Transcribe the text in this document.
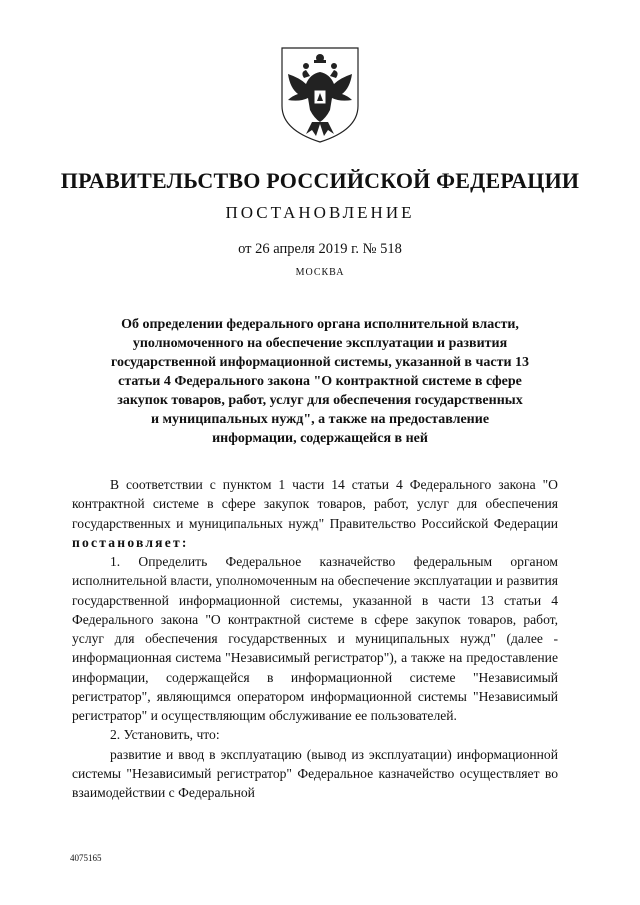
ПРАВИТЕЛЬСТВО РОССИЙСКОЙ ФЕДЕРАЦИИ
ПОСТАНОВЛЕНИЕ
от 26 апреля 2019 г. № 518
МОСКВА
Об определении федерального органа исполнительной власти,
уполномоченного на обеспечение эксплуатации и развития
государственной информационной системы, указанной в части 13
статьи 4 Федерального закона "О контрактной системе в сфере
закупок товаров, работ, услуг для обеспечения государственных
и муниципальных нужд", а также на предоставление
информации, содержащейся в ней

В соответствии с пунктом 1 части 14 статьи 4 Федерального закона "О контрактной системе в сфере закупок товаров, работ, услуг для обеспечения государственных и муниципальных нужд" Правительство Российской Федерации постановляет:

1. Определить Федеральное казначейство федеральным органом исполнительной власти, уполномоченным на обеспечение эксплуатации и развития государственной информационной системы, указанной в части 13 статьи 4 Федерального закона "О контрактной системе в сфере закупок товаров, работ, услуг для обеспечения государственных и муниципальных нужд" (далее - информационная система "Независимый регистратор"), а также на предоставление информации, содержащейся в информационной системе "Независимый регистратор", являющимся оператором информационной системы "Независимый регистратор" и осуществляющим обслуживание ее пользователей.

2. Установить, что:

развитие и ввод в эксплуатацию (вывод из эксплуатации) информационной системы "Независимый регистратор" Федеральное казначейство осуществляет во взаимодействии с Федеральной

4075165
